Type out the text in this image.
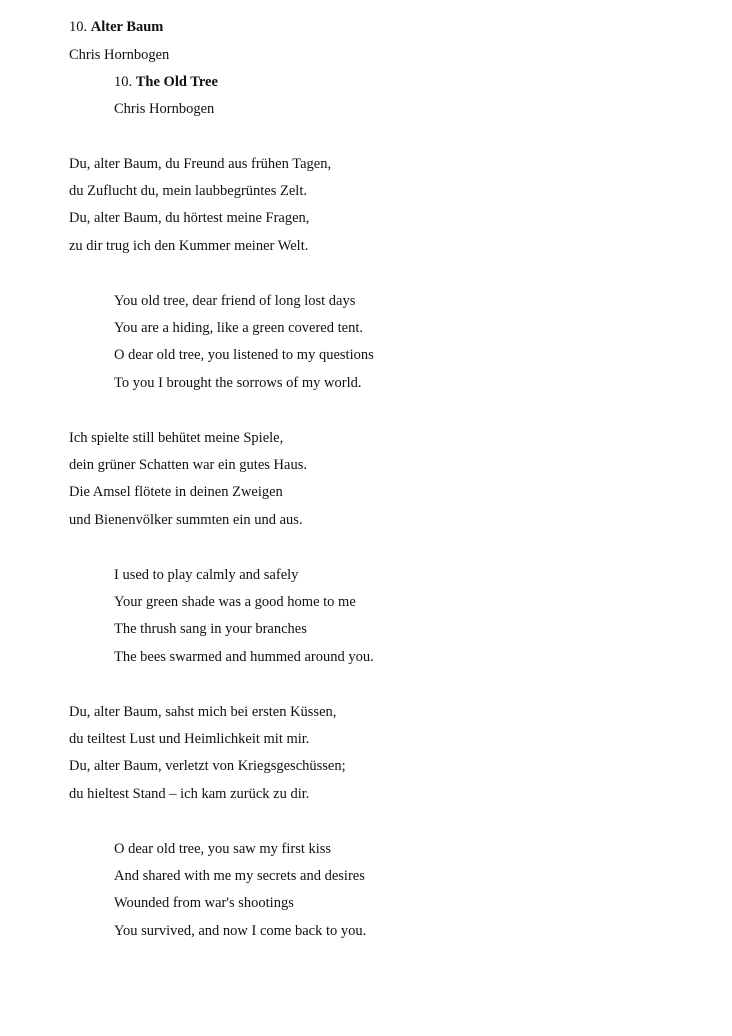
10. Alter Baum
Chris Hornbogen
10. The Old Tree
Chris Hornbogen
Du, alter Baum, du Freund aus frühen Tagen,
du Zuflucht du, mein laubbegrüntes Zelt.
Du, alter Baum, du hörtest meine Fragen,
zu dir trug ich den Kummer meiner Welt.
You old tree, dear friend of long lost days
You are a hiding, like a green covered tent.
O dear old tree, you listened to my questions
To you I brought the sorrows of my world.
Ich spielte still behütet meine Spiele,
dein grüner Schatten war ein gutes Haus.
Die Amsel flötete in deinen Zweigen
und Bienenvölker summten ein und aus.
I used to play calmly and safely
Your green shade was a good home to me
The thrush sang in your branches
The bees swarmed and hummed around you.
Du, alter Baum, sahst mich bei ersten Küssen,
du teiltest Lust und Heimlichkeit mit mir.
Du, alter Baum, verletzt von Kriegsgeschüssen;
du hieltest Stand – ich kam zurück zu dir.
O dear old tree, you saw my first kiss
And shared with me my secrets and desires
Wounded from war's shootings
You survived, and now I come back to you.
